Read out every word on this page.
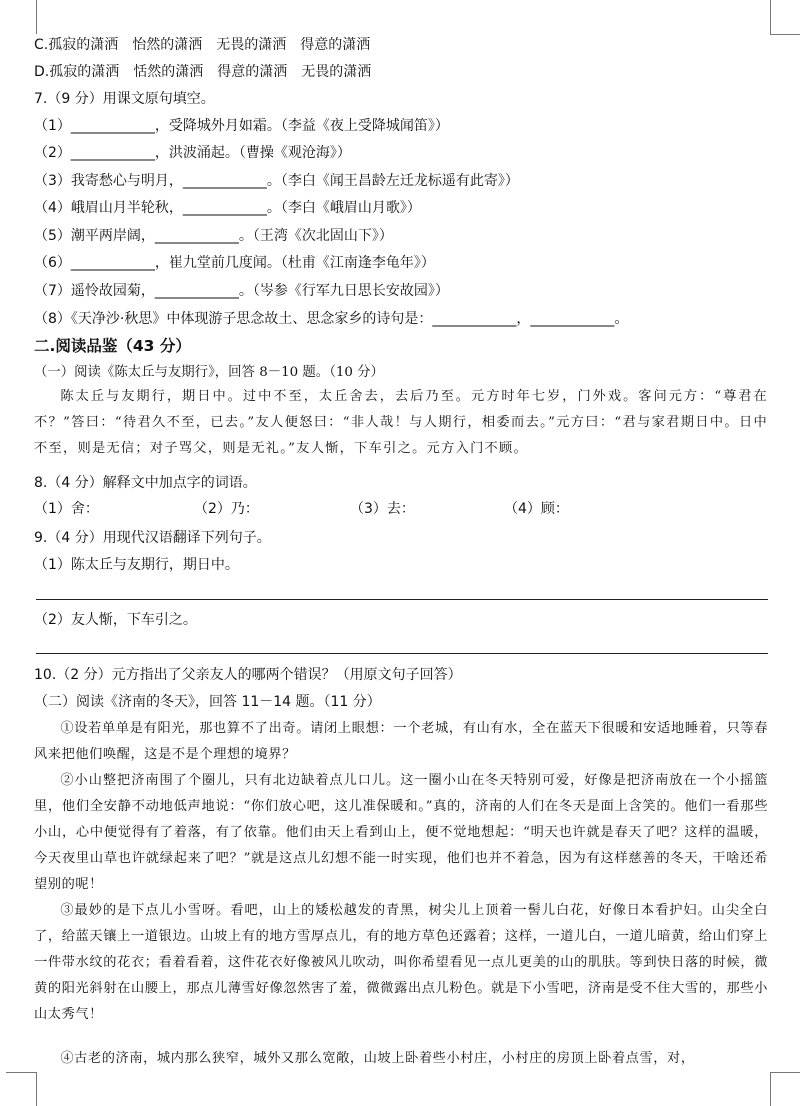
C.孤寂的潇洒　怡然的潇洒　无畏的潇洒　得意的潇洒
D.孤寂的潇洒　恬然的潇洒　得意的潇洒　无畏的潇洒
7.（9 分）用课文原句填空。
（1）____________，受降城外月如霜。（李益《夜上受降城闻笛》）
（2）____________，洪波涌起。（曹操《观沧海》）
（3）我寄愁心与明月，____________。（李白《闻王昌龄左迁龙标遥有此寄》）
（4）峨眉山月半轮秋，____________。（李白《峨眉山月歌》）
（5）潮平两岸阔，____________。（王湾《次北固山下》）
（6）____________，崔九堂前几度闻。（杜甫《江南逢李龟年》）
（7）遥怜故园菊，____________。（岑参《行军九日思长安故园》）
（8）《天净沙·秋思》中体现游子思念故土、思念家乡的诗句是：____________，____________。
二.阅读品鉴（43 分）
（一）阅读《陈太丘与友期行》，回答 8－10 题。（10 分）
陈太丘与友期行，期日中。过中不至，太丘舍去，去后乃至。元方时年七岁，门外戏。客问元方：“尊君在不？”答曰：“待君久不至，已去。”友人便怒曰：“非人哉！与人期行，相委而去。”元方曰：“君与家君期日中。日中不至，则是无信；对子骂父，则是无礼。”友人惭，下车引之。元方入门不顾。
8.（4 分）解释文中加点字的词语。
（1）舍：	（2）乃：	（3）去：	（4）顾：
9.（4 分）用现代汉语翻译下列句子。
（1）陈太丘与友期行，期日中。
（2）友人惭，下车引之。
10.（2 分）元方指出了父亲友人的哪两个错误？（用原文句子回答）
（二）阅读《济南的冬天》，回答 11－14 题。（11 分）
①设若单单是有阳光，那也算不了出奇。请闭上眼想：一个老城，有山有水，全在蓝天下很暖和安适地睡着，只等春风来把他们唤醒，这是不是个理想的境界？
②小山整把济南围了个圈儿，只有北边缺着点儿口儿。这一圈小山在冬天特别可爱，好像是把济南放在一个小摇篮里，他们全安静不动地低声地说：“你们放心吧，这儿准保暖和。”真的，济南的人们在冬天是面上含笑的。他们一看那些小山，心中便觉得有了着落，有了依靠。他们由天上看到山上，便不觉地想起：“明天也许就是春天了吧？这样的温暖，今天夜里山草也许就绿起来了吧？”就是这点儿幻想不能一时实现，他们也并不着急，因为有这样慈善的冬天，干啥还希望别的呢！
③最妙的是下点儿小雪呀。看吧，山上的矮松越发的青黑，树尖儿上顶着一髻儿白花，好像日本看护妇。山尖全白了，给蓝天镶上一道银边。山坡上有的地方雪厚点儿，有的地方草色还露着；这样，一道儿白，一道儿暗黄，给山们穿上一件带水纹的花衣；看着看着，这件花衣好像被风儿吹动，叫你希望看见一点儿更美的山的肌肤。等到快日落的时候，微黄的阳光斜射在山腰上，那点儿薄雪好像忽然害了羞，微微露出点儿粉色。就是下小雪吧，济南是受不住大雪的，那些小山太秀气！
④古老的济南，城内那么狭窄，城外又那么宽敞，山坡上卧着些小村庄，小村庄的房顶上卧着点雪，对，
